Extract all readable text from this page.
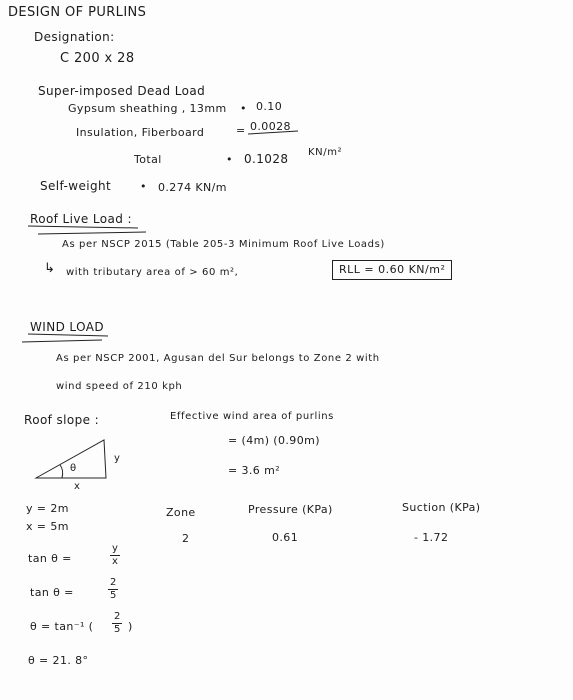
DESIGN OF PURLINS
Designation:
C 200 x 28
Super-imposed Dead Load
Gypsum sheathing , 13mm • 0.10
Insulation, Fiberboard	= 0.0028
Total	• 0.1028 KN/m²
Self-weight	• 0.274 KN/m
Roof Live Load :
As per NSCP 2015 (Table 205-3 Minimum Roof Live Loads)
↳ with tributary area of > 60 m²,	RLL = 0.60 KN/m²
WIND LOAD
As per NSCP 2001, Agusan del Sur belongs to Zone 2 with
wind speed of 210 kph
Roof slope :
y
x
θ
y = 2m
x = 5m
tan θ =	$\frac{y}{x}$
tan θ =	$\frac{2}{5}$
θ = tan⁻¹ ( $\frac{2}{5}$ )
θ = 21. 8°
Effective wind area of purlins
= (4m) (0.90m)
= 3.6 m²
Zone	Pressure (KPa)	Suction (KPa)
2	0.61	- 1.72
